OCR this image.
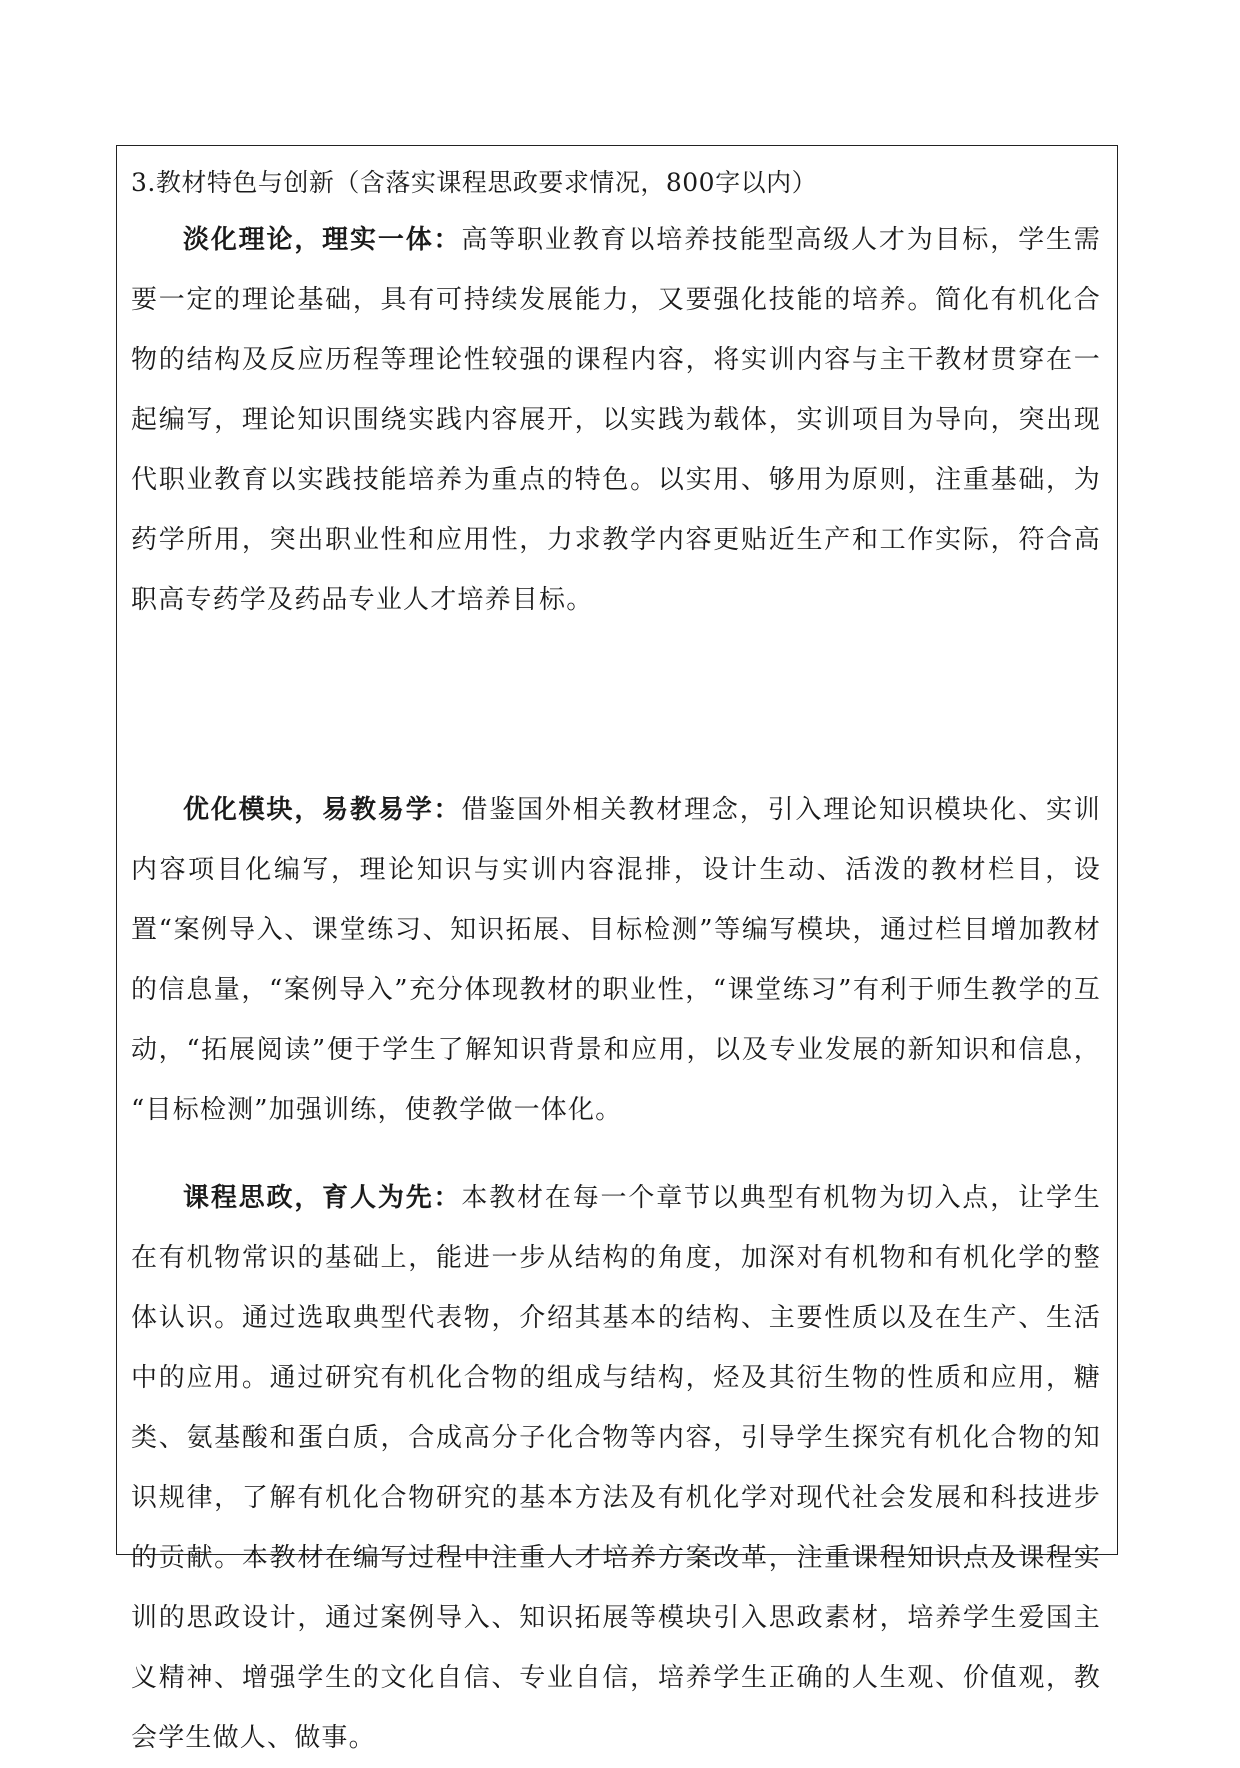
3.教材特色与创新（含落实课程思政要求情况，800字以内）

淡化理论，理实一体：高等职业教育以培养技能型高级人才为目标，学生需要一定的理论基础，具有可持续发展能力，又要强化技能的培养。简化有机化合物的结构及反应历程等理论性较强的课程内容，将实训内容与主干教材贯穿在一起编写，理论知识围绕实践内容展开，以实践为载体，实训项目为导向，突出现代职业教育以实践技能培养为重点的特色。以实用、够用为原则，注重基础，为药学所用，突出职业性和应用性，力求教学内容更贴近生产和工作实际，符合高职高专药学及药品专业人才培养目标。

优化模块，易教易学：借鉴国外相关教材理念，引入理论知识模块化、实训内容项目化编写，理论知识与实训内容混排，设计生动、活泼的教材栏目，设置“案例导入、课堂练习、知识拓展、目标检测”等编写模块，通过栏目增加教材的信息量，“案例导入”充分体现教材的职业性，“课堂练习”有利于师生教学的互动，“拓展阅读”便于学生了解知识背景和应用，以及专业发展的新知识和信息， “目标检测”加强训练，使教学做一体化。

课程思政，育人为先：本教材在每一个章节以典型有机物为切入点，让学生在有机物常识的基础上，能进一步从结构的角度，加深对有机物和有机化学的整体认识。通过选取典型代表物，介绍其基本的结构、主要性质以及在生产、生活中的应用。通过研究有机化合物的组成与结构，烃及其衍生物的性质和应用，糖类、氨基酸和蛋白质，合成高分子化合物等内容，引导学生探究有机化合物的知识规律，了解有机化合物研究的基本方法及有机化学对现代社会发展和科技进步的贡献。本教材在编写过程中注重人才培养方案改革，注重课程知识点及课程实训的思政设计，通过案例导入、知识拓展等模块引入思政素材，培养学生爱国主义精神、增强学生的文化自信、专业自信，培养学生正确的人生观、价值观，教会学生做人、做事。
